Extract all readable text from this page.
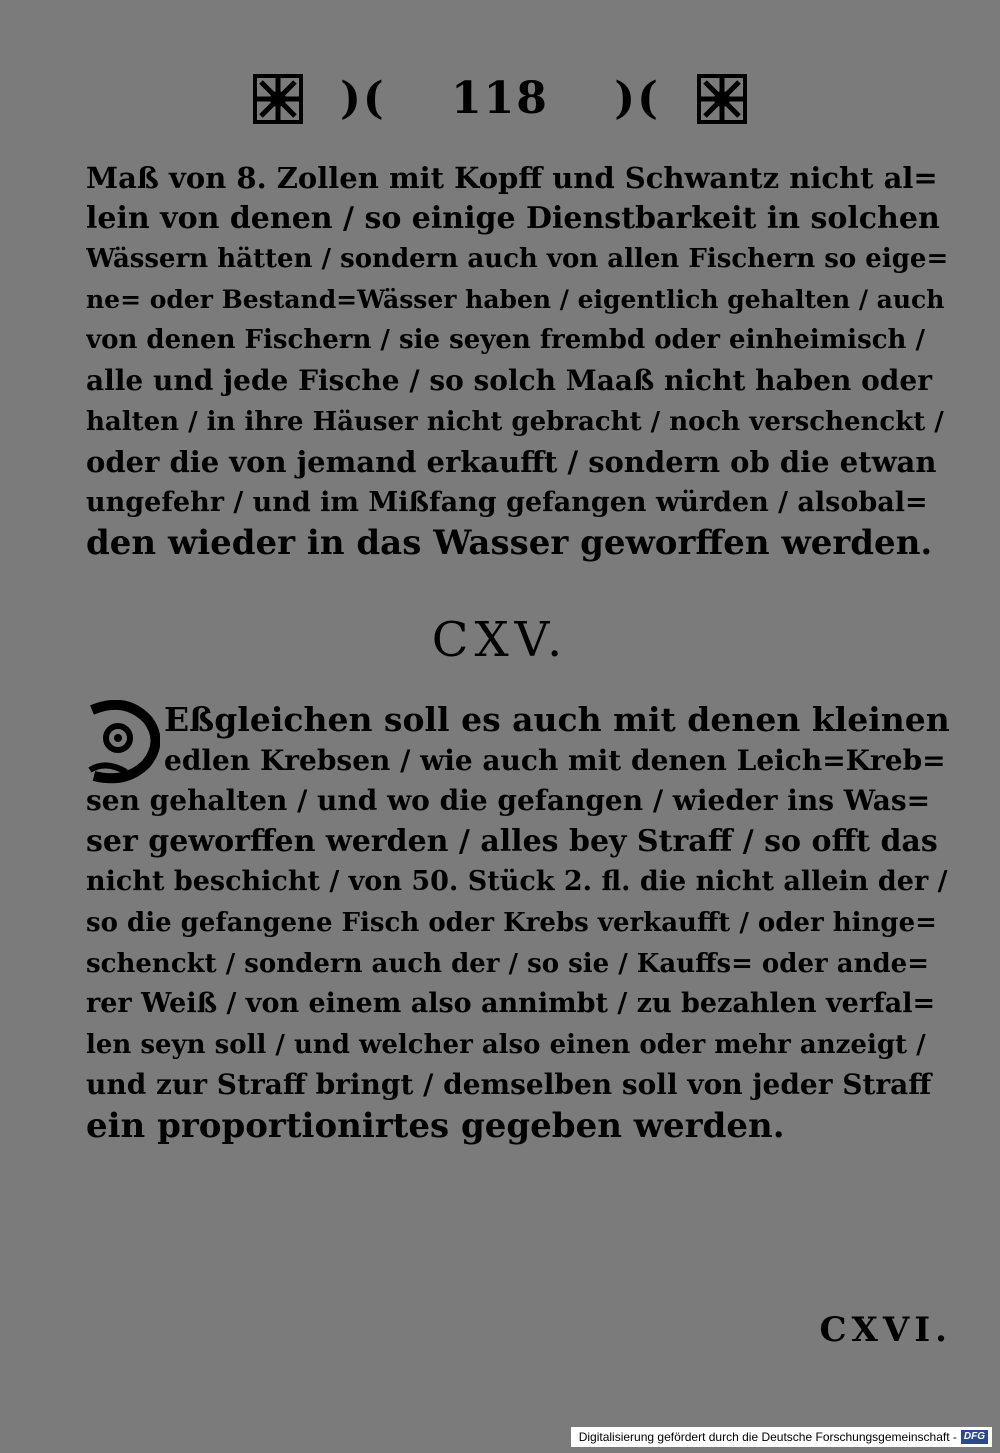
)( 118 )(
Maß von 8. Zollen mit Kopff und Schwantz nicht al=
lein von denen / so einige Dienstbarkeit in solchen
Wässern hätten / sondern auch von allen Fischern so eige=
ne= oder Bestand=Wässer haben / eigentlich gehalten / auch
von denen Fischern / sie seyen frembd oder einheimisch /
alle und jede Fische / so solch Maaß nicht haben oder
halten / in ihre Häuser nicht gebracht / noch verschenckt /
oder die von jemand erkaufft / sondern ob die etwan
ungefehr / und im Mißfang gefangen würden / alsobal=
den wieder in das Wasser geworffen werden.
CXV.
Eßgleichen soll es auch mit denen kleinen
edlen Krebsen / wie auch mit denen Leich=Kreb=
sen gehalten / und wo die gefangen / wieder ins Was=
ser geworffen werden / alles bey Straff / so offt das
nicht beschicht / von 50. Stück 2. fl. die nicht allein der /
so die gefangene Fisch oder Krebs verkaufft / oder hinge=
schenckt / sondern auch der / so sie / Kauffs= oder ande=
rer Weiß / von einem also annimbt / zu bezahlen verfal=
len seyn soll / und welcher also einen oder mehr anzeigt /
und zur Straff bringt / demselben soll von jeder Straff
ein proportionirtes gegeben werden.
CXVI.
Digitalisierung gefördert durch die Deutsche Forschungsgemeinschaft - DFG
